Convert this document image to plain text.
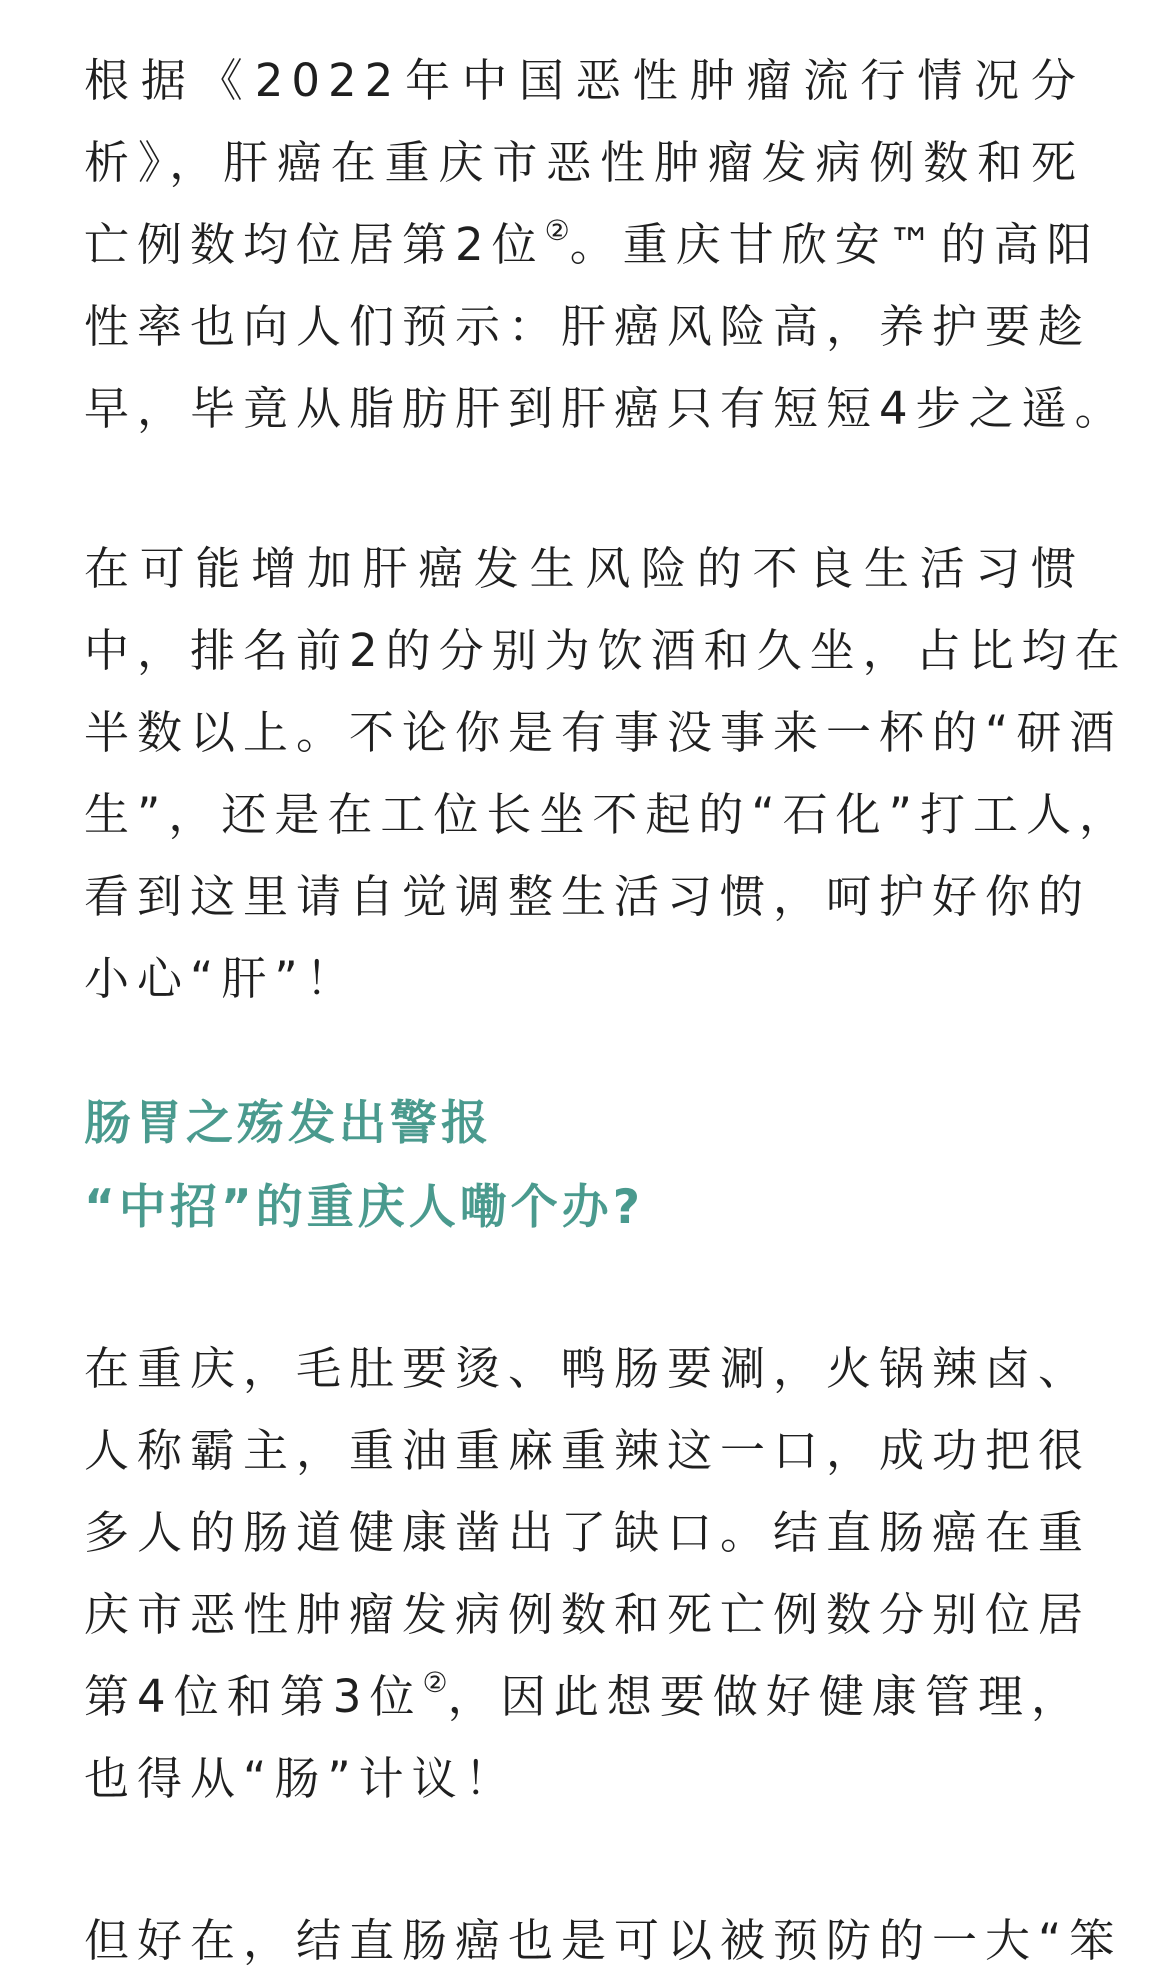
根据《2022年中国恶性肿瘤流行情况分
析》，肝癌在重庆市恶性肿瘤发病例数和死
亡例数均位居第2位②。重庆甘欣安™的高阳
性率也向人们预示：肝癌风险高，养护要趁
早，毕竟从脂肪肝到肝癌只有短短4步之遥。

在可能增加肝癌发生风险的不良生活习惯
中，排名前2的分别为饮酒和久坐，占比均在
半数以上。不论你是有事没事来一杯的“研酒
生”，还是在工位长坐不起的“石化”打工人，
看到这里请自觉调整生活习惯，呵护好你的
小心“肝”！

肠胃之殇发出警报
“中招”的重庆人嘞个办?

在重庆，毛肚要烫、鸭肠要涮，火锅辣卤、
人称霸主，重油重麻重辣这一口，成功把很
多人的肠道健康凿出了缺口。结直肠癌在重
庆市恶性肿瘤发病例数和死亡例数分别位居
第4位和第3位②，因此想要做好健康管理，
也得从“肠”计议！

但好在，结直肠癌也是可以被预防的一大“笨
